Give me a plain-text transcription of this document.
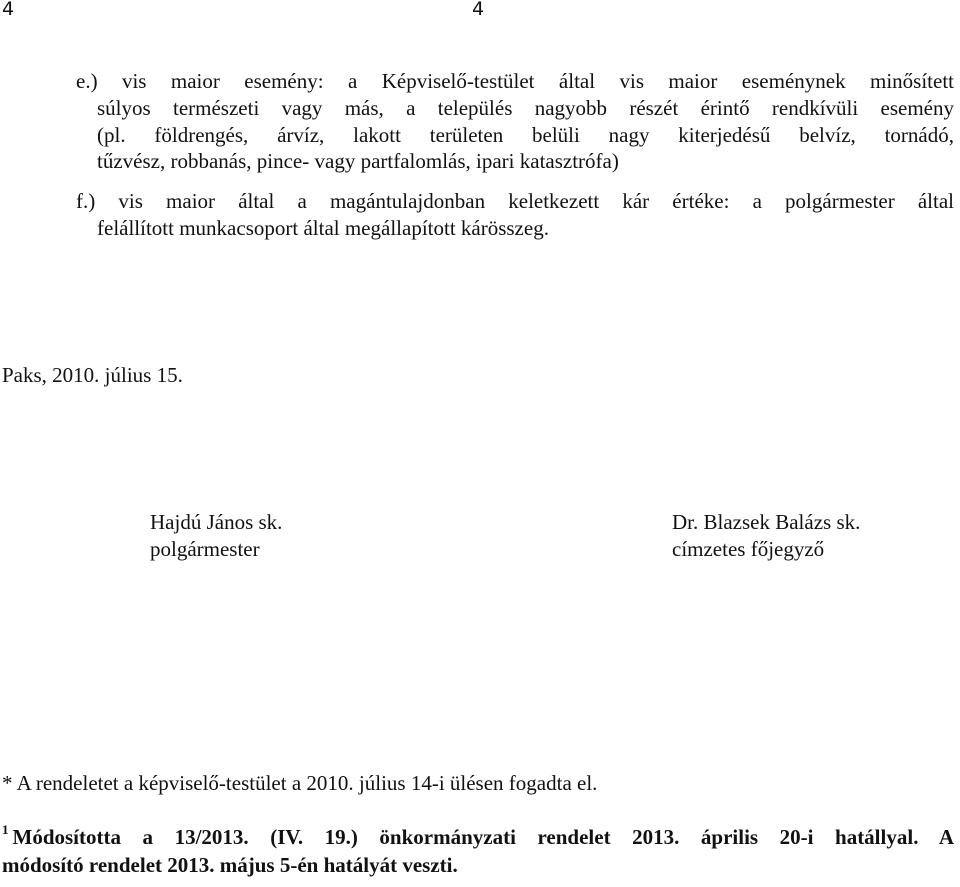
4	4
e.) vis maior esemény: a Képviselő-testület által vis maior eseménynek minősített
súlyos természeti vagy más, a település nagyobb részét érintő rendkívüli esemény
(pl. földrengés, árvíz, lakott területen belüli nagy kiterjedésű belvíz, tornádó,
tűzvész, robbanás, pince- vagy partfalomlás, ipari katasztrófa)
f.) vis maior által a magántulajdonban keletkezett kár értéke: a polgármester által
felállított munkacsoport által megállapított kárösszeg.
Paks, 2010. július 15.
Hajdú János sk.
polgármester
Dr. Blazsek Balázs sk.
címzetes főjegyző
* A rendeletet a képviselő-testület a 2010. július 14-i ülésen fogadta el.
$^1$ Módosította a 13/2013. (IV. 19.) önkormányzati rendelet 2013. április 20-i hatállyal. A
módosító rendelet 2013. május 5-én hatályát veszti.
